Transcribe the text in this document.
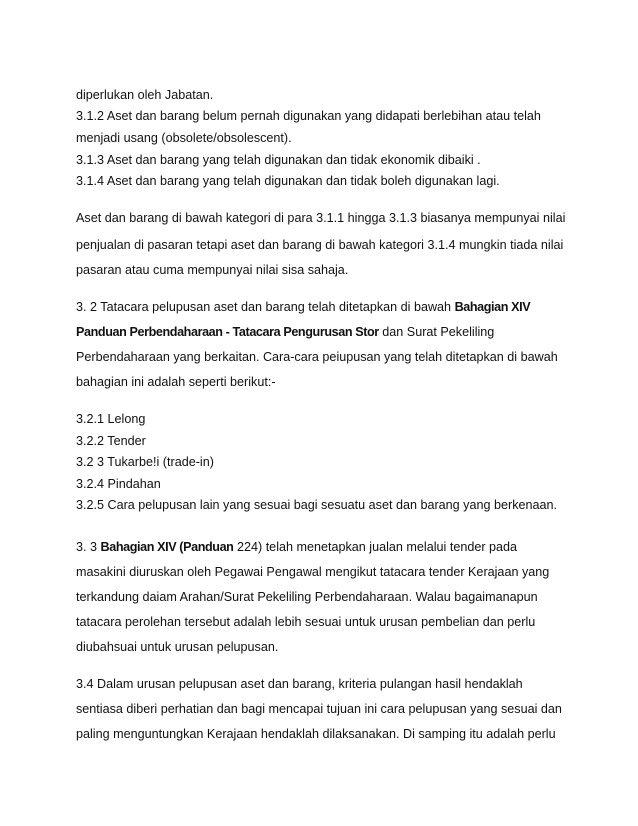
diperlukan oleh Jabatan.
3.1.2 Aset dan barang belum pernah digunakan yang didapati berlebihan atau telah
menjadi usang (obsolete/obsolescent).
3.1.3 Aset dan barang yang telah digunakan dan tidak ekonomik dibaiki .
3.1.4 Aset dan barang yang telah digunakan dan tidak boleh digunakan lagi.
Aset dan barang di bawah kategori di para 3.1.1 hingga 3.1.3 biasanya mempunyai nilai
penjualan di pasaran tetapi aset dan barang di bawah kategori 3.1.4 mungkin tiada nilai
pasaran atau cuma mempunyai nilai sisa sahaja.
3. 2 Tatacara pelupusan aset dan barang telah ditetapkan di bawah Bahagian XIV
Panduan Perbendaharaan - Tatacara Pengurusan Stor dan Surat Pekeliling
Perbendaharaan yang berkaitan. Cara-cara peiupusan yang telah ditetapkan di bawah
bahagian ini adalah seperti berikut:-
3.2.1 Lelong
3.2.2 Tender
3.2 3 Tukarbe!i (trade-in)
3.2.4 Pindahan
3.2.5 Cara pelupusan lain yang sesuai bagi sesuatu aset dan barang yang berkenaan.
3. 3 Bahagian XIV (Panduan 224) telah menetapkan jualan melalui tender pada
masakini diuruskan oleh Pegawai Pengawal mengikut tatacara tender Kerajaan yang
terkandung daiam Arahan/Surat Pekeliling Perbendaharaan. Walau bagaimanapun
tatacara perolehan tersebut adalah lebih sesuai untuk urusan pembelian dan perlu
diubahsuai untuk urusan pelupusan.
3.4 Dalam urusan pelupusan aset dan barang, kriteria pulangan hasil hendaklah
sentiasa diberi perhatian dan bagi mencapai tujuan ini cara pelupusan yang sesuai dan
paling menguntungkan Kerajaan hendaklah dilaksanakan. Di samping itu adalah perlu
